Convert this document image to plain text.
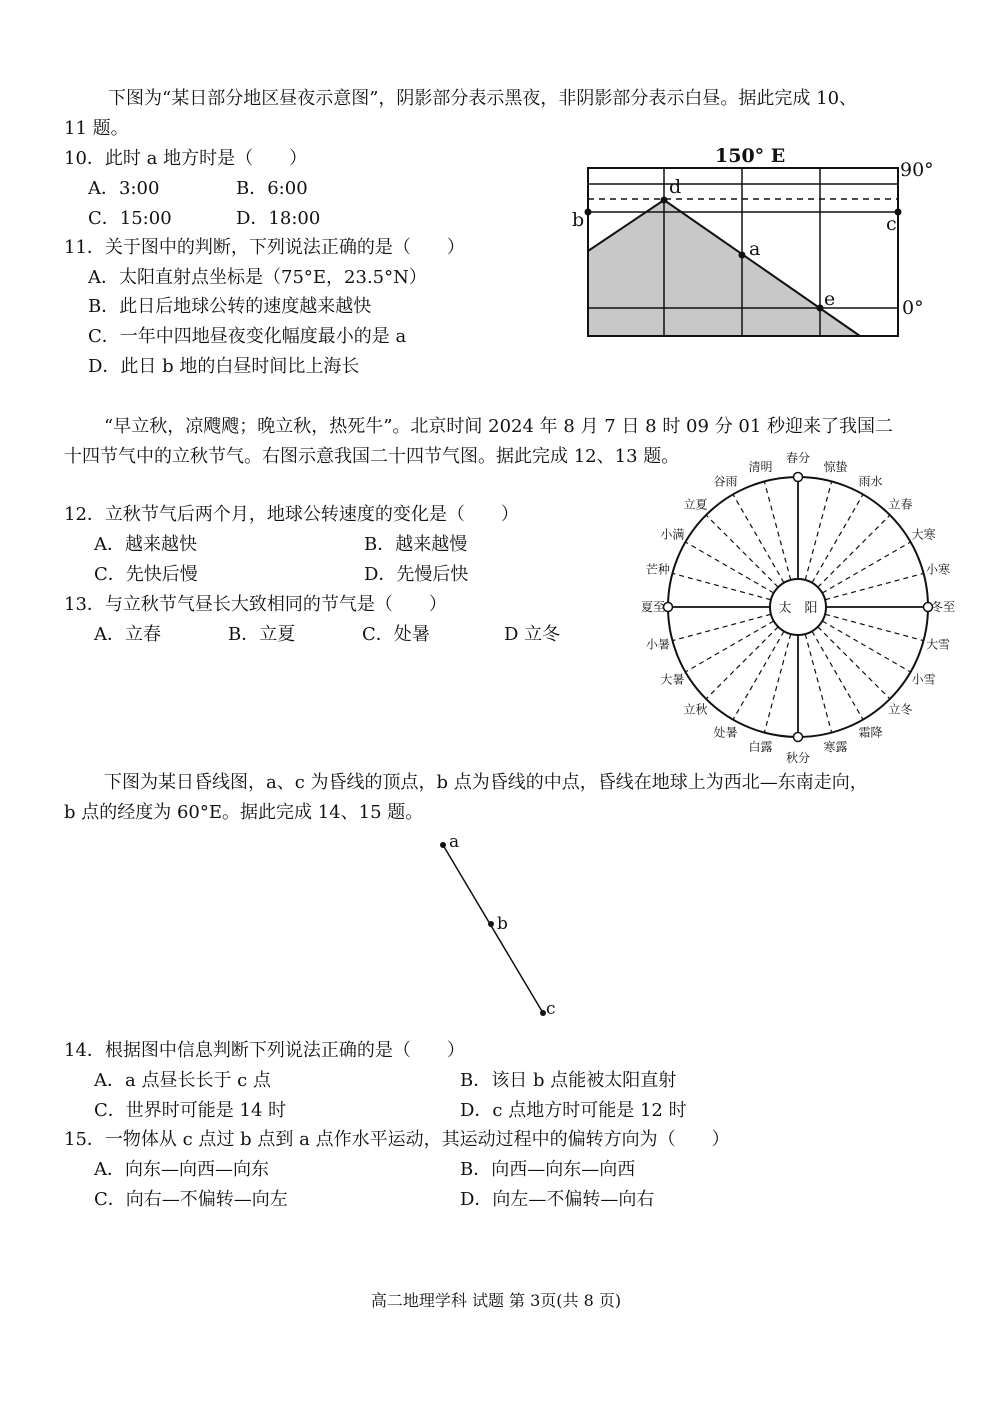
下图为“某日部分地区昼夜示意图”，阴影部分表示黑夜，非阴影部分表示白昼。据此完成 10、
11 题。
10．此时 a 地方时是（　　）
A．3:00	B．6:00
C．15:00	D．18:00
11．关于图中的判断，下列说法正确的是（　　）
A．太阳直射点坐标是（75°E，23.5°N）
B．此日后地球公转的速度越来越快
C．一年中四地昼夜变化幅度最小的是 a
D．此日 b 地的白昼时间比上海长
150° E
90°
0°
d
a
e
b	c
“早立秋，凉飕飕；晚立秋，热死牛”。北京时间 2024 年 8 月 7 日 8 时 09 分 01 秒迎来了我国二
十四节气中的立秋节气。右图示意我国二十四节气图。据此完成 12、13 题。
12．立秋节气后两个月，地球公转速度的变化是（　　）
A．越来越快	B．越来越慢
C．先快后慢	D．先慢后快
13．与立秋节气昼长大致相同的节气是（　　）
A．立春	B．立夏	C．处暑	D 立冬
太　阳
春分
惊蛰
雨水
立春
大寒
小寒
冬至
大雪
小雪
立冬
霜降
寒露
秋分
白露
处暑
立秋
大暑
小暑
夏至
芒种
小满
立夏
谷雨
清明
下图为某日昏线图，a、c 为昏线的顶点，b 点为昏线的中点，昏线在地球上为西北—东南走向，
b 点的经度为 60°E。据此完成 14、15 题。
a
b
c
14．根据图中信息判断下列说法正确的是（　　）
A．a 点昼长长于 c 点	B．该日 b 点能被太阳直射
C．世界时可能是 14 时	D．c 点地方时可能是 12 时
15．一物体从 c 点过 b 点到 a 点作水平运动，其运动过程中的偏转方向为（　　）
A．向东—向西—向东	B．向西—向东—向西
C．向右—不偏转—向左	D．向左—不偏转—向右
高二地理学科 试题 第 3页(共 8 页)
